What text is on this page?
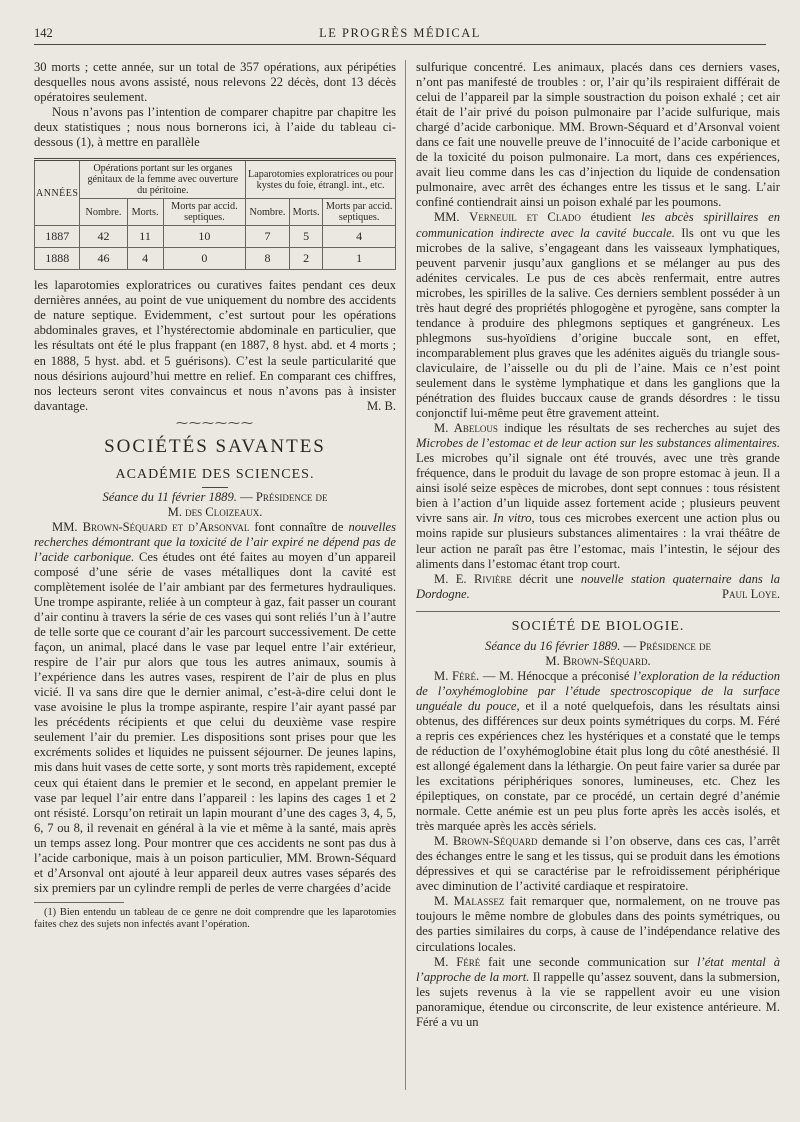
142	LE PROGRÈS MÉDICAL

30 morts ; cette année, sur un total de 357 opérations, aux péripéties desquelles nous avons assisté, nous relevons 22 décès, dont 13 décès opératoires seulement.

Nous n’avons pas l’intention de comparer chapitre par chapitre les deux statistiques ; nous nous bornerons ici, à l’aide du tableau ci-dessous (1), à mettre en parallèle

ANNÉES	Opérations portant sur les organes génitaux de la femme avec ouverture du péritoine.			Laparotomies exploratrices ou pour kystes du foie, étrangl. int., etc.		
	Nombre.	Morts.	Morts par accid. septiques.	Nombre.	Morts.	Morts par accid. septiques.
1887	42	11	10	7	5	4
1888	46	4	0	8	2	1

les laparotomies exploratrices ou curatives faites pendant ces deux dernières années, au point de vue uniquement du nombre des accidents de nature septique. Evidemment, c’est surtout pour les opérations abdominales graves, et l’hystérectomie abdominale en particulier, que les résultats ont été le plus frappant (en 1887, 8 hyst. abd. et 4 morts ; en 1888, 5 hyst. abd. et 5 guérisons). C’est la seule particularité que nous désirions aujourd’hui mettre en relief. En comparant ces chiffres, nos lecteurs seront vites convaincus et nous n’avons pas à insister davantage.	M. B.

⁓⁓⁓⁓⁓⁓
SOCIÉTÉS SAVANTES
ACADÉMIE DES SCIENCES.
Séance du 11 février 1889. — Présidence de
M. des Cloizeaux.

MM. Brown-Séquard et d’Arsonval font connaître de nouvelles recherches démontrant que la toxicité de l’air expiré ne dépend pas de l’acide carbonique. Ces études ont été faites au moyen d’un appareil composé d’une série de vases métalliques dont la cavité est complètement isolée de l’air ambiant par des fermetures hydrauliques. Une trompe aspirante, reliée à un compteur à gaz, fait passer un courant d’air continu à travers la série de ces vases qui sont reliés l’un à l’autre de telle sorte que ce courant d’air les parcourt successivement. De cette façon, un animal, placé dans le vase par lequel entre l’air extérieur, respire de l’air pur alors que tous les autres animaux, soumis à l’expérience dans les autres vases, respirent de l’air de plus en plus vicié. Il va sans dire que le dernier animal, c’est-à-dire celui dont le vase avoisine le plus la trompe aspirante, respire l’air ayant passé par les précédents récipients et que celui du deuxième vase respire seulement l’air du premier. Les dispositions sont prises pour que les excréments solides et liquides ne puissent séjourner. De jeunes lapins, mis dans huit vases de cette sorte, y sont morts très rapidement, excepté ceux qui étaient dans le premier et le second, en appelant premier le vase par lequel l’air entre dans l’appareil : les lapins des cages 1 et 2 ont résisté. Lorsqu’on retirait un lapin mourant d’une des cages 3, 4, 5, 6, 7 ou 8, il revenait en général à la vie et même à la santé, mais après un temps assez long. Pour montrer que ces accidents ne sont pas dus à l’acide carbonique, mais à un poison particulier, MM. Brown-Séquard et d’Arsonval ont ajouté à leur appareil deux autres vases séparés des six premiers par un cylindre rempli de perles de verre chargées d’acide

(1) Bien entendu un tableau de ce genre ne doit comprendre que les laparotomies faites chez des sujets non infectés avant l’opération.

sulfurique concentré. Les animaux, placés dans ces derniers vases, n’ont pas manifesté de troubles : or, l’air qu’ils respiraient différait de celui de l’appareil par la simple soustraction du poison exhalé ; cet air était de l’air privé du poison pulmonaire par l’acide sulfurique, mais chargé d’acide carbonique. MM. Brown-Séquard et d’Arsonval voient dans ce fait une nouvelle preuve de l’innocuité de l’acide carbonique et de la toxicité du poison pulmonaire. La mort, dans ces expériences, avait lieu comme dans les cas d’injection du liquide de condensation pulmonaire, avec arrêt des échanges entre les tissus et le sang. L’air confiné contiendrait ainsi un poison exhalé par les poumons.

MM. Verneuil et Clado étudient les abcès spirillaires en communication indirecte avec la cavité buccale. Ils ont vu que les microbes de la salive, s’engageant dans les vaisseaux lymphatiques, peuvent parvenir jusqu’aux ganglions et se mélanger au pus des adénites cervicales. Le pus de ces abcès renfermait, entre autres microbes, les spirilles de la salive. Ces derniers semblent posséder à un très haut degré des propriétés phlogogène et pyrogène, sans compter la tendance à produire des phlegmons septiques et gangréneux. Les phlegmons sus-hyoïdiens d’origine buccale sont, en effet, incomparablement plus graves que les adénites aiguës du triangle sous-claviculaire, de l’aisselle ou du pli de l’aine. Mais ce n’est point seulement dans le système lymphatique et dans les ganglions que la pénétration des fluides buccaux cause de grands désordres : le tissu conjonctif lui-même peut être gravement atteint.

M. Abelous indique les résultats de ses recherches au sujet des Microbes de l’estomac et de leur action sur les substances alimentaires. Les microbes qu’il signale ont été trouvés, avec une très grande fréquence, dans le produit du lavage de son propre estomac à jeun. Il a ainsi isolé seize espèces de microbes, dont sept connues : tous résistent bien à l’action d’un liquide assez fortement acide ; plusieurs peuvent vivre sans air. In vitro, tous ces microbes exercent une action plus ou moins rapide sur plusieurs substances alimentaires : la vrai théâtre de leur action ne paraît pas être l’estomac, mais l’intestin, le séjour des aliments dans l’estomac étant trop court.

M. E. Rivière décrit une nouvelle station quaternaire dans la Dordogne.	Paul Loye.

SOCIÉTÉ DE BIOLOGIE.
Séance du 16 février 1889. — Présidence de
M. Brown-Séquard.

M. Féré. — M. Hénocque a préconisé l’exploration de la réduction de l’oxyhémoglobine par l’étude spectroscopique de la surface unguéale du pouce, et il a noté quelquefois, dans les résultats ainsi obtenus, des différences sur deux points symétriques du corps. M. Féré a repris ces expériences chez les hystériques et a constaté que le temps de réduction de l’oxyhémoglobine était plus long du côté anesthésié. Il est allongé également dans la léthargie. On peut faire varier sa durée par les excitations périphériques sonores, lumineuses, etc. Chez les épileptiques, on constate, par ce procédé, un certain degré d’anémie normale. Cette anémie est un peu plus forte après les accès isolés, et très marquée après les accès sériels.

M. Brown-Séquard demande si l’on observe, dans ces cas, l’arrêt des échanges entre le sang et les tissus, qui se produit dans les émotions dépressives et qui se caractérise par le refroidissement périphérique avec diminution de l’activité cardiaque et respiratoire.

M. Malassez fait remarquer que, normalement, on ne trouve pas toujours le même nombre de globules dans des points symétriques, ou des parties similaires du corps, à cause de l’indépendance relative des circulations locales.

M. Féré fait une seconde communication sur l’état mental à l’approche de la mort. Il rappelle qu’assez souvent, dans la submersion, les sujets revenus à la vie se rappellent avoir eu une vision panoramique, étendue ou circonscrite, de leur existence antérieure. M. Féré a vu un
